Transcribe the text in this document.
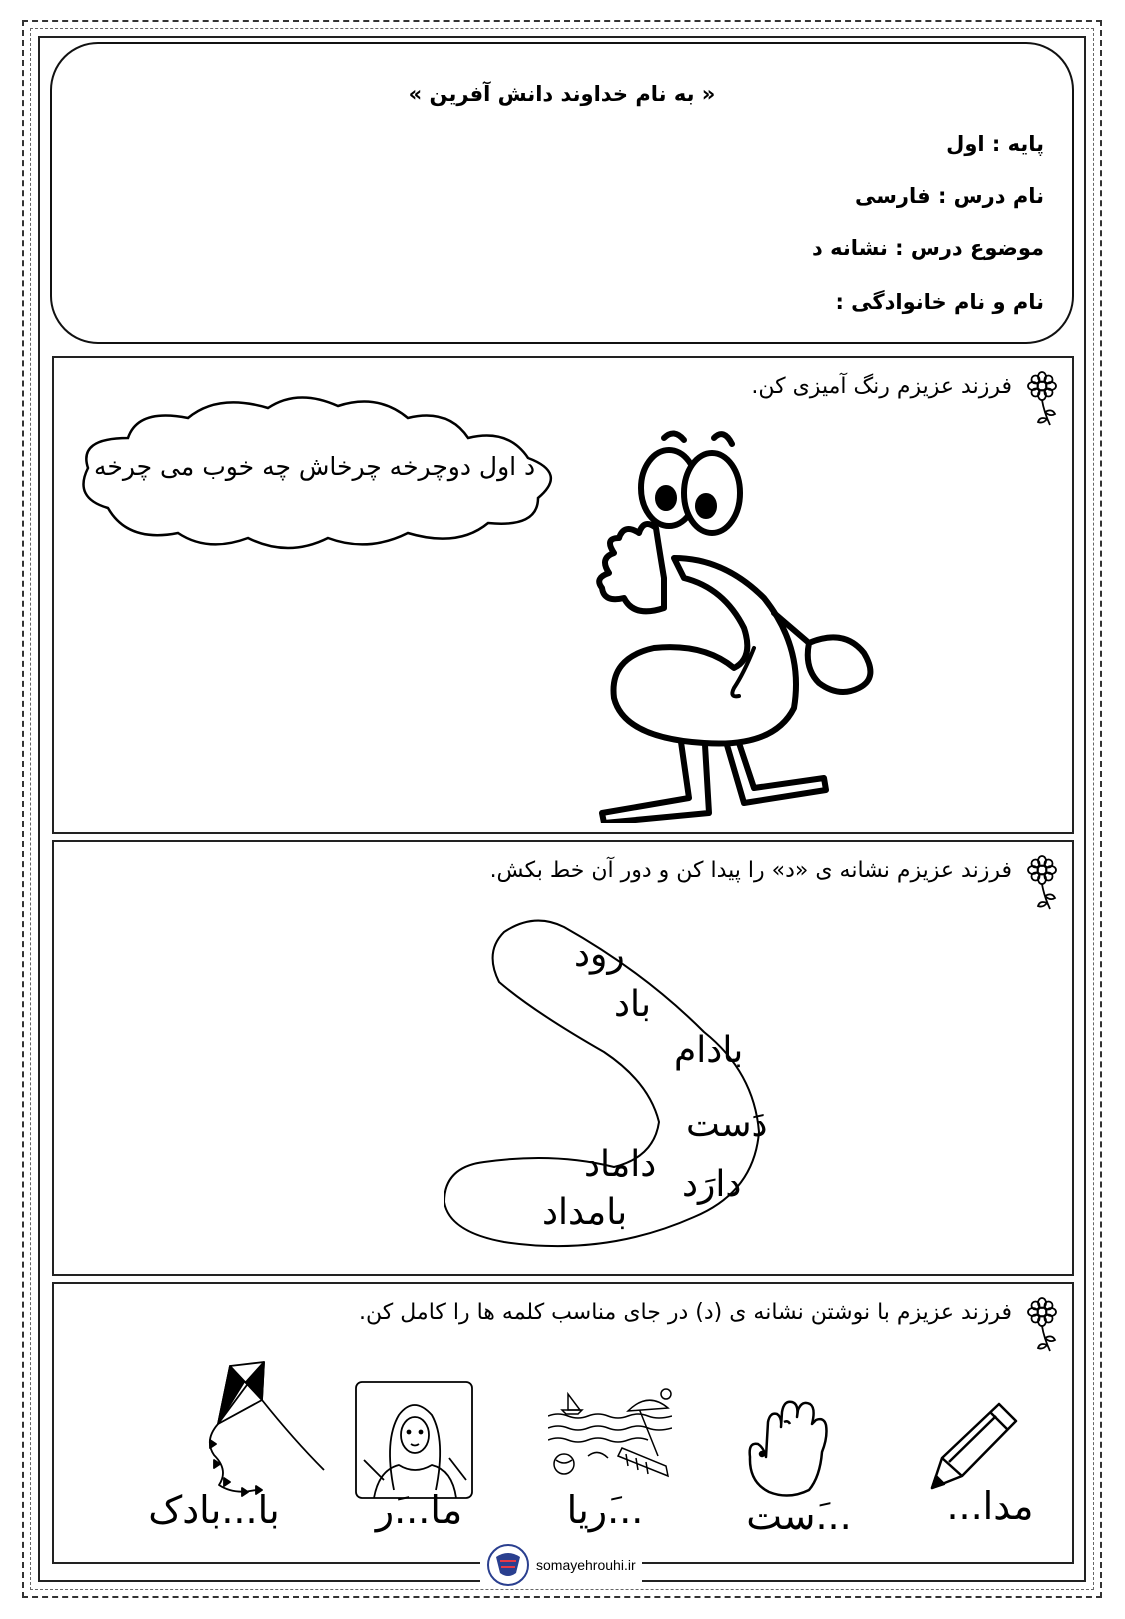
« به نام خداوند دانش آفرین »
پایه : اول
نام درس : فارسی
موضوع درس : نشانه د
نام و نام خانوادگی :
فرزند عزیزم رنگ آمیزی کن.
د اول دوچرخه چرخاش چه خوب می چرخه
فرزند عزیزم نشانه ی «د» را پیدا کن و دور آن خط بکش.
رود
باد
بادام
دَست
داماد دارَد
بامداد
فرزند عزیزم با نوشتن نشانه ی (د) در جای مناسب کلمه ها را کامل کن.
مدا...
...َست
...َریا
ما...َر
با...بادک
somayehrouhi.ir
